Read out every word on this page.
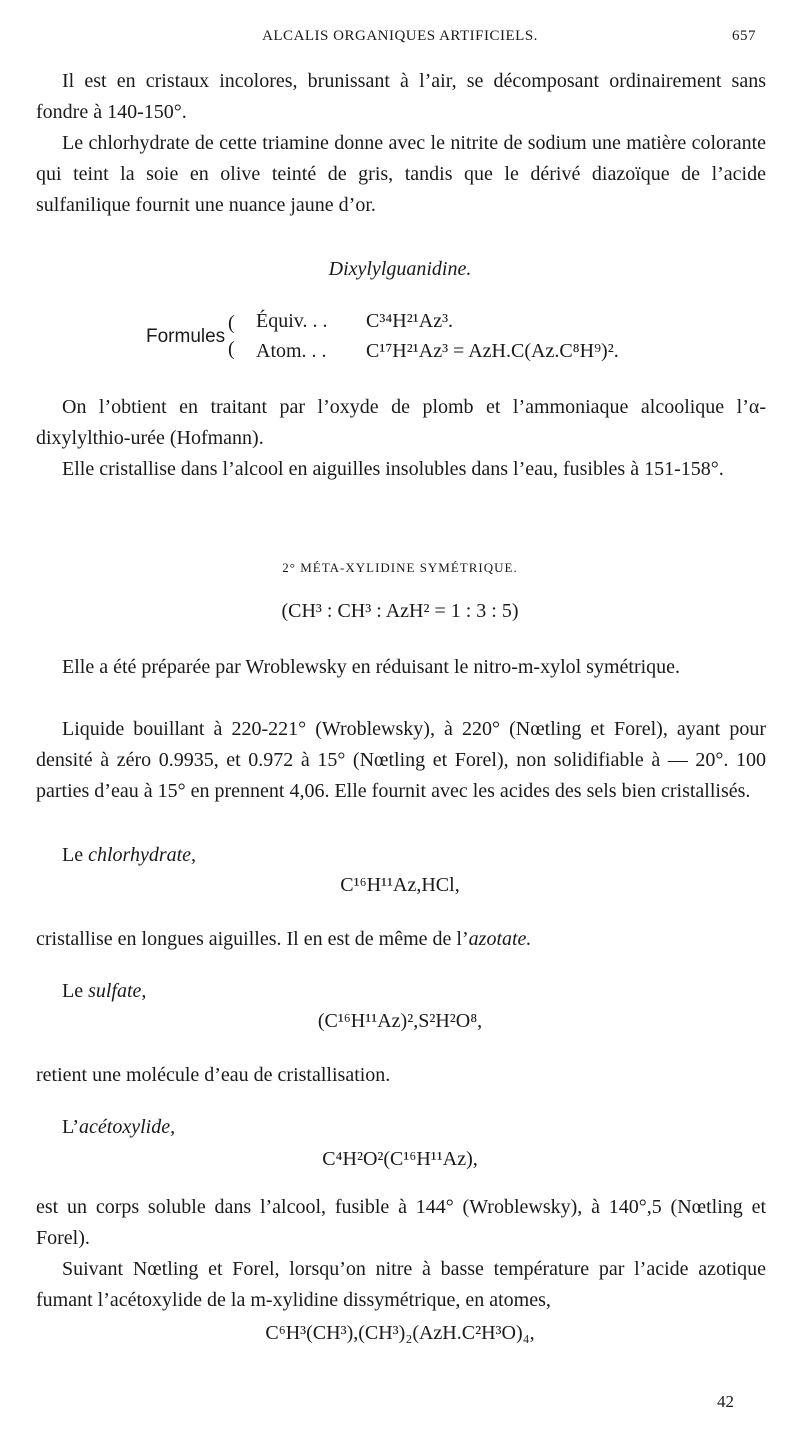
ALCALIS ORGANIQUES ARTIFICIELS.	657

Il est en cristaux incolores, brunissant à l’air, se décomposant ordinairement sans fondre à 140-150°.

Le chlorhydrate de cette triamine donne avec le nitrite de sodium une matière colorante qui teint la soie en olive teinté de gris, tandis que le dérivé diazoïque de l’acide sulfanilique fournit une nuance jaune d’or.

Dixylylguanidine.

Formules
(
(
Équiv. . . C³⁴H²¹Az³.
Atom. . . C¹⁷H²¹Az³ = AzH.C(Az.C⁸H⁹)².

On l’obtient en traitant par l’oxyde de plomb et l’ammoniaque alcoolique l’α-dixylylthio-urée (Hofmann).

Elle cristallise dans l’alcool en aiguilles insolubles dans l’eau, fusibles à 151-158°.

2° MÉTA-XYLIDINE SYMÉTRIQUE.

(CH³ : CH³ : AzH² = 1 : 3 : 5)

Elle a été préparée par Wroblewsky en réduisant le nitro-m-xylol symétrique.

Liquide bouillant à 220-221° (Wroblewsky), à 220° (Nœtling et Forel), ayant pour densité à zéro 0.9935, et 0.972 à 15° (Nœtling et Forel), non solidifiable à — 20°. 100 parties d’eau à 15° en prennent 4,06. Elle fournit avec les acides des sels bien cristallisés.

Le chlorhydrate,

C¹⁶H¹¹Az,HCl,

cristallise en longues aiguilles. Il en est de même de l’azotate.

Le sulfate,

(C¹⁶H¹¹Az)²,S²H²O⁸,

retient une molécule d’eau de cristallisation.

L’acétoxylide,

C⁴H²O²(C¹⁶H¹¹Az),

est un corps soluble dans l’alcool, fusible à 144° (Wroblewsky), à 140°,5 (Nœtling et Forel).

Suivant Nœtling et Forel, lorsqu’on nitre à basse température par l’acide azotique fumant l’acétoxylide de la m-xylidine dissymétrique, en atomes,

C⁶H³(CH³),(CH³)₂(AzH.C²H³O)₄,

42
